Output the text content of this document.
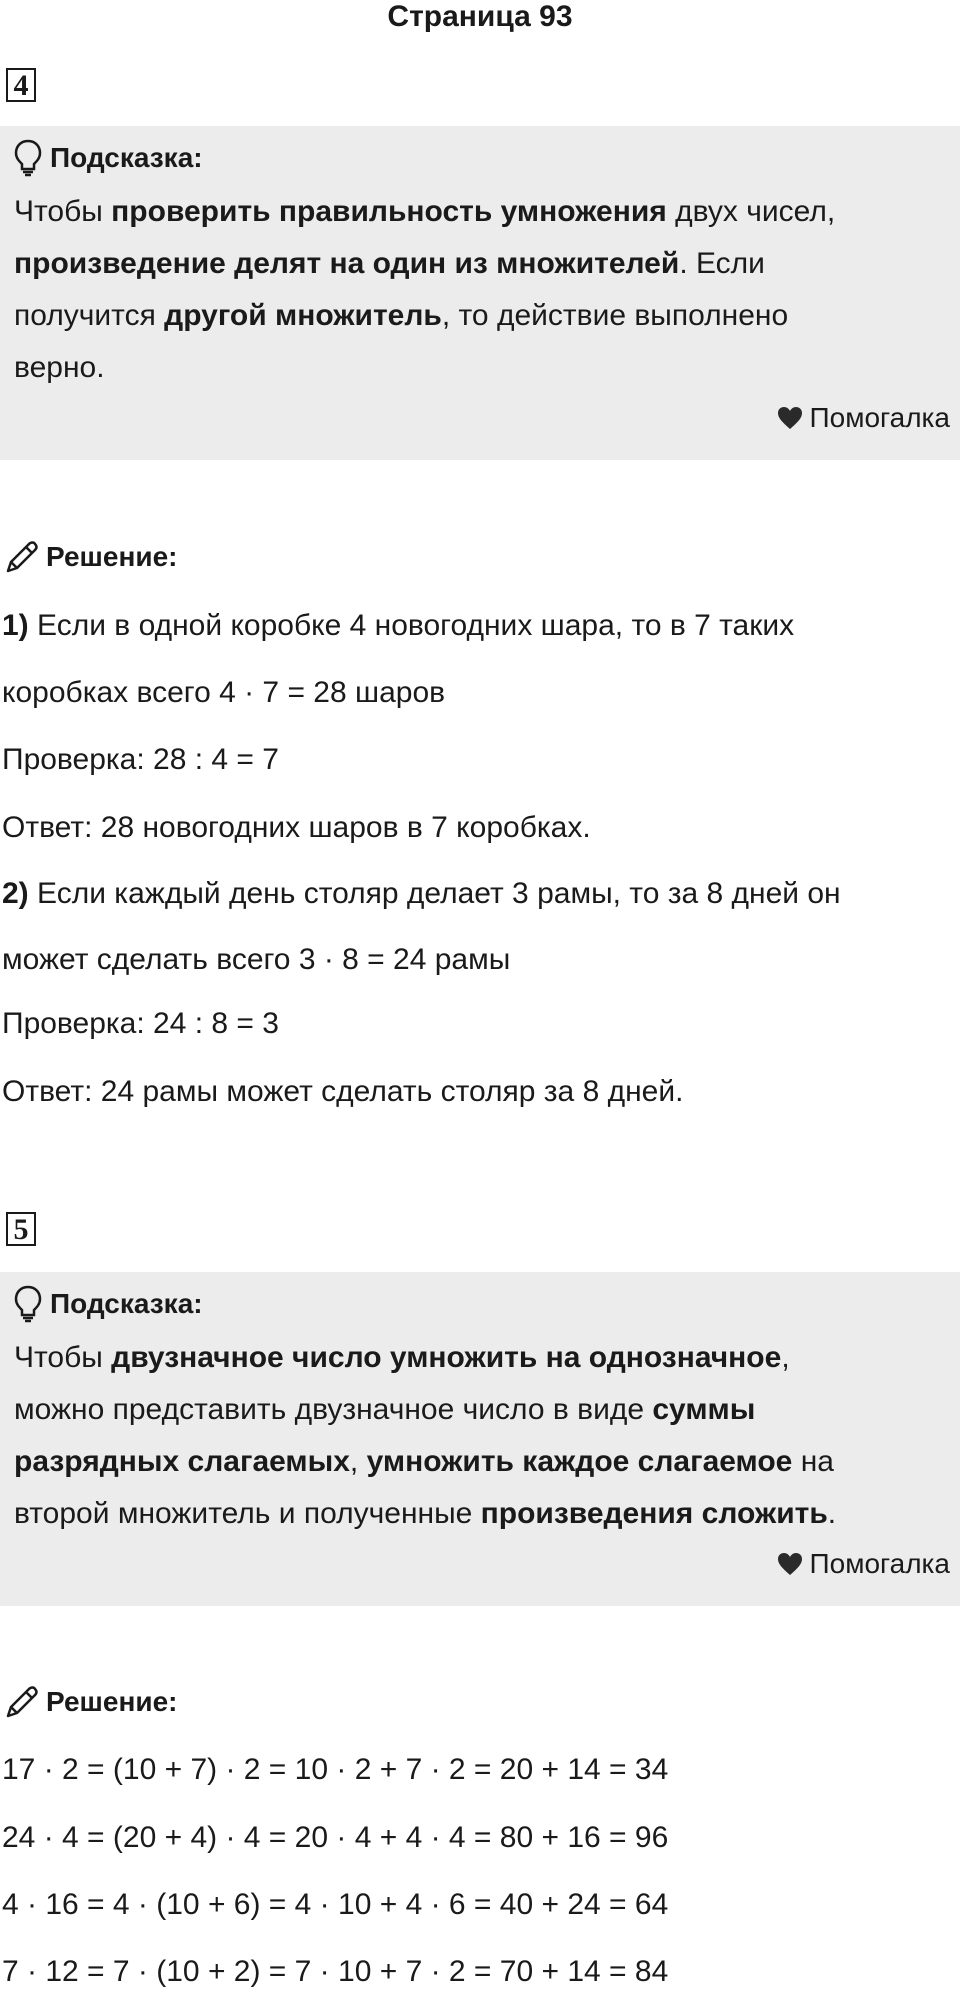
Страница 93
4
Подсказка:
Чтобы проверить правильность умножения двух чисел,
произведение делят на один из множителей. Если
получится другой множитель, то действие выполнено
верно.
Помогалка
Решение:
1) Если в одной коробке 4 новогодних шара, то в 7 таких
коробках всего 4 · 7 = 28 шаров
Проверка: 28 : 4 = 7
Ответ: 28 новогодних шаров в 7 коробках.
2) Если каждый день столяр делает 3 рамы, то за 8 дней он
может сделать всего 3 · 8 = 24 рамы
Проверка: 24 : 8 = 3
Ответ: 24 рамы может сделать столяр за 8 дней.
5
Подсказка:
Чтобы двузначное число умножить на однозначное,
можно представить двузначное число в виде суммы
разрядных слагаемых, умножить каждое слагаемое на
второй множитель и полученные произведения сложить.
Помогалка
Решение:
17 · 2 = (10 + 7) · 2 = 10 · 2 + 7 · 2 = 20 + 14 = 34
24 · 4 = (20 + 4) · 4 = 20 · 4 + 4 · 4 = 80 + 16 = 96
4 · 16 = 4 · (10 + 6) = 4 · 10 + 4 · 6 = 40 + 24 = 64
7 · 12 = 7 · (10 + 2) = 7 · 10 + 7 · 2 = 70 + 14 = 84
